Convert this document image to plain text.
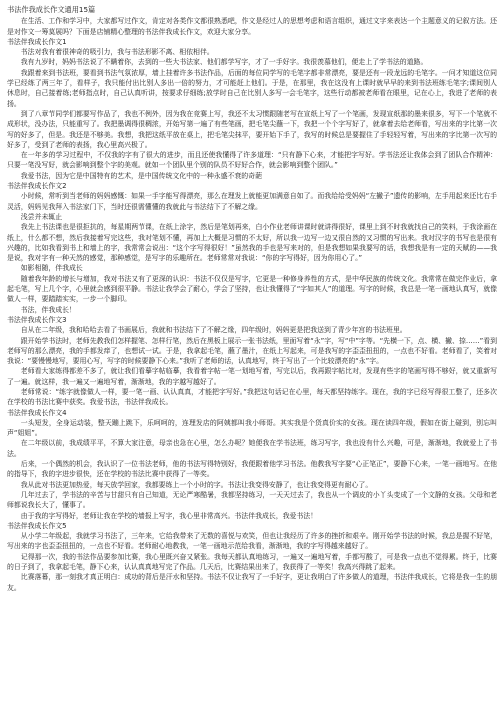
书法作我成长作文通用15篇
在生活、工作和学习中，大家都写过作文，肯定对各类作文都很熟悉吧，作文是经过人的思想考虑和语言组织，通过文字来表达一个主题意义的记叙方法。还是对作文一筹莫展吗？下面是店铺精心整理的书法伴我成长作文，欢迎大家分享。
书法伴我成长作文1
书法对我有着很神奇的吸引力，我与书法形影不离、相依相伴。
我有九岁时，妈妈书法说了不瞒着你，去到的一些大书法家、他们都学写字，才了一手好字。我很羡慕他们，便走上了学书法的道路。
我跟着来到书法班，要看到书法气氛浓厚，墙上挂着许多书法作品，后面的每位同学写的毛笔字都非常漂亮，要是还有一段龙远的毛笔字。一问才知道这位同学已经练了两三年了，看样子，我只能付出比别人多出一倍的努力，才可能赶上他们。于是，在那里，我在这没有上课时就早早的来到书法班练毛笔字;课间别人休息时，自己接着练;老师指点时，自己认真听讲，按要求仔细练;放学时自己在比别人多写一会毛笔字，这些行动都被老师看在眼里，记在心上，我进了老师的表扬。
到了八章节同学们都要写作品了，我也不例外，因为我在竞赛上写，我还不太习惯跟随老写在宣纸上写了一个笔画，发现宣纸那的墨来很多，写下一个笔就不成形状，没办法，只能重写了。我把墨调得很稠浓，开始写第一遍了有些笔画，把毛笔尖蘸一下，我把一个个字写好了，就拿着去给老师看，写出来的字比第一次写的好多了，但是。我还是不够美。我想，我把这纸平放在桌上，把毛笔尖抹平，要开始下手了，我写的时候总是要握住了手轻轻写着，写出来的字比第一次写的好多了，受到了老师的表扬，我心里高兴极了。
在一年多的学习过程中，不仅我的字有了很大的进步，而且还使我懂得了许多道理：“只有静下心来，才能把字写好。学书法还让我体会到了团队合作精神：只要一笔没写好，就会影响到整个字的美观。就如一个团队里个别的队员不好好合作，就会影响到整个团队。”
我爱书法，因为它是中国特有的艺术，是中国传统文化中的一种永盛不衰的奇葩
书法伴我成长作文2
小时候，常听到当老师的妈妈感慨：如果一手字能写得漂亮，那么在理发上就能更加满意自如了。而我给给受妈妈“左撇子”遗传的影响，左手用起来还比右手灵活，妈妈见我拜入书法家门下，当时还很需懂懂的我就此与书法结下了不解之缘。
浅尝并未辄止
我先上书法课也是很拒抗的，每星期两节课，在纸上涂字，然后是笔划再来，白小作业老师讲课时就讲得很好，课里上到不时我就找自己的笑料，于我涂画在纸上，什么都不想，然后我接着写完这些，我对笔划不懂，再加上大概是习惯的不太好，所以我一边写一边又很自然的又习惯的写出来。我对汉字的书写也是很有兴趣的，比如我看到书上和墙上的字，我常常会说出：“这个字写得很好！”虽然我的手也是写来对的，但是我想如果我要写的话，我想我是有一定的天赋的——我是说，我对字有一种天然的感觉，那种感觉，是写字的乐趣所在。老师常常对我说：“你的字写得好，因为你用心了。”
如影相随，伴我成长
随着我年龄的增长与增加，我对书法又有了更深的认识：书法不仅仅是写字，它更是一种修身养性的方式，是中华民族的传统文化。我常常在做完作业后，拿起毛笔，写上几个字，心里就会感到很平静。书法让我学会了耐心，学会了坚持，也让我懂得了“字如其人”的道理。写字的时候，我总是一笔一画地认真写，就像做人一样，要踏踏实实，一步一个脚印。
书法，伴我成长！
书法伴我成长作文3
自从在二年级，我和哈哈去看了书画展后，我就和书法结下了不解之缘，四年级时，妈妈更是把我送到了青少年宫的书法班里。
跟开始学书法时，老师先教我们怎样握笔、怎样行笔，然后在黑板上展示一张书法纸，里面写着“永”字，写“中”字等。“先横一下，点、横、撇、捺……”看到老师写的那么漂亮，我的手都发痒了，也想试一试。于是，我拿起毛笔，蘸了墨汁，在纸上写起来，可是我写的字歪歪扭扭的，一点也不好看。老师看了，笑着对我说：“要慢慢地写，要用心写，写字的时候要静下心来。”我听了老师的话，认真地写，终于写出了一个比较漂亮的“永”字。
老师看大家练得都差不多了，就让我们看摹字帖临摹，我看着字帖一笔一划地写着，写完以后，我再跟字帖比对，发现有些字的笔画写得不够好，就又重新写了一遍。就这样，我一遍又一遍地写着，渐渐地，我的字越写越好了。
老师常说：“练字就像做人一样，要一笔一画、认认真真，才能把字写好。”我把这句话记在心里，每天都坚持练字。现在，我的字已经写得很工整了，还多次在学校的书法比赛中获奖。我爱书法，书法伴我成长。
书法伴我成长作文4
一头短发，全身运动装，整天蹦上跳下，乐呵呵的，连理发店的阿姨都叫我小师哥。其实我是个货真价实的女孩。现在读四年级，假如在街上碰到，别忘叫声“姐姐”。
在二年级以前，我成绩平平，不算大家注意，母亲也急在心里，怎么办呢？她便我在学书法班，练习写字，我也没有什么兴趣，可是，渐渐地，我就爱上了书法。
后来，一个偶然的机会，我认识了一位书法老师，他的书法写得特别好，我便跟着他学习书法。他教我写字要“心正笔正”，要静下心来，一笔一画地写。在他的指导下，我的字进步很快，还在学校的书法比赛中获得了一等奖。
我从此对书法更加热爱，每天放学回家，我都要练上一个小时的字。书法让我变得安静了，也让我变得更有耐心了。
几年过去了，学书法的辛苦与甘甜只有自己知道，无论严寒酷暑，我都坚持练习，一天天过去了，我也从一个调皮的小丫头变成了一个文静的女孩。父母和老师都说我长大了，懂事了。
由于我的字写得好，老师让我在学校的墙报上写字，我心里非常高兴。书法伴我成长，我爱书法！
书法伴我成长作文5
从小学二年级起，我就学习书法了，三年来，它给我带来了无数的喜悦与欢笑，但也让我经历了许多的挫折和艰辛。刚开始学书法的时候，我总是握不好笔，写出来的字也歪歪扭扭的，一点也不好看。老师耐心地教我，一笔一画地示范给我看，渐渐地，我的字写得越来越好了。
记得那一次，我的书法作品要参加比赛，我心里既兴奋又紧张。我每天都认真地练习，一遍又一遍地写着，手都写酸了，可是我一点也不觉得累。终于，比赛的日子到了，我拿起毛笔，静下心来，认认真真地写完了作品。几天后，比赛结果出来了，我获得了一等奖！我高兴得跳了起来。
比赛落幕，那一刻我才真正明白：成功的背后是汗水和坚持。书法不仅让我写了一手好字，更让我明白了许多做人的道理，书法伴我成长，它将是我一生的朋友。
